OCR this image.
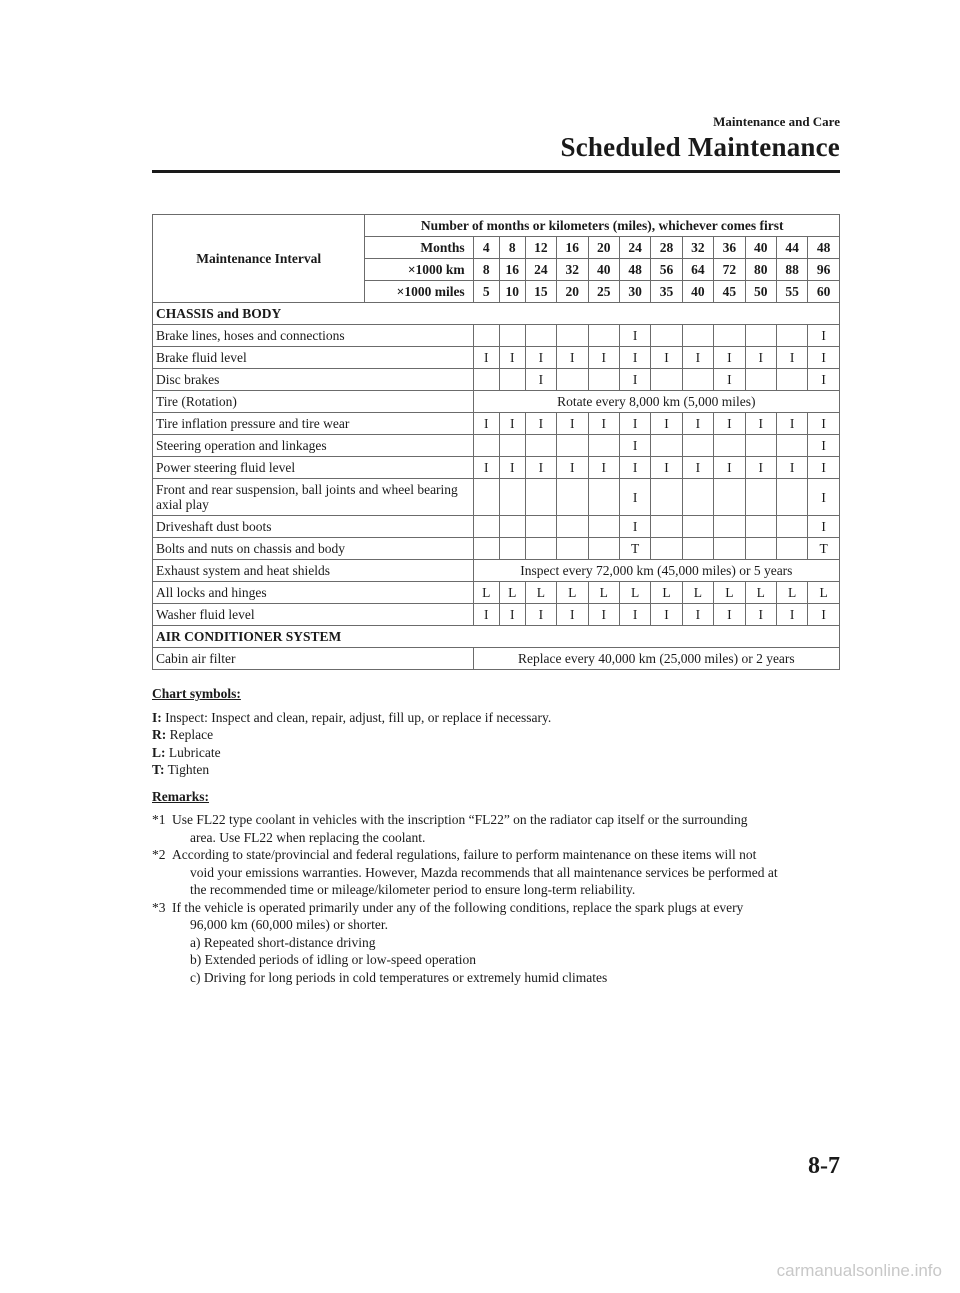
Maintenance and Care
Scheduled Maintenance
Maintenance Interval	Number of months or kilometers (miles), whichever comes first												
	Months	4	8	12	16	20	24	28	32	36	40	44	48
	×1000 km	8	16	24	32	40	48	56	64	72	80	88	96
	×1000 miles	5	10	15	20	25	30	35	40	45	50	55	60
CHASSIS and BODY													
Brake lines, hoses and connections							I						I
Brake fluid level		I	I	I	I	I	I	I	I	I	I	I	I
Disc brakes				I			I			I			I
Tire (Rotation)		Rotate every 8,000 km (5,000 miles)											
Tire inflation pressure and tire wear		I	I	I	I	I	I	I	I	I	I	I	I
Steering operation and linkages							I						I
Power steering fluid level		I	I	I	I	I	I	I	I	I	I	I	I
Front and rear suspension, ball joints and wheel bearing axial play							I						I
Driveshaft dust boots							I						I
Bolts and nuts on chassis and body							T						T
Exhaust system and heat shields		Inspect every 72,000 km (45,000 miles) or 5 years											
All locks and hinges		L	L	L	L	L	L	L	L	L	L	L	L
Washer fluid level		I	I	I	I	I	I	I	I	I	I	I	I
AIR CONDITIONER SYSTEM													
Cabin air filter		Replace every 40,000 km (25,000 miles) or 2 years											

Chart symbols:

I: Inspect: Inspect and clean, repair, adjust, fill up, or replace if necessary.

R: Replace

L: Lubricate

T: Tighten

Remarks:

*1 Use FL22 type coolant in vehicles with the inscription “FL22” on the radiator cap itself or the surrounding
area. Use FL22 when replacing the coolant.
*2 According to state/provincial and federal regulations, failure to perform maintenance on these items will not
void your emissions warranties. However, Mazda recommends that all maintenance services be performed at
the recommended time or mileage/kilometer period to ensure long-term reliability.
*3 If the vehicle is operated primarily under any of the following conditions, replace the spark plugs at every
96,000 km (60,000 miles) or shorter.
a) Repeated short-distance driving
b) Extended periods of idling or low-speed operation
c) Driving for long periods in cold temperatures or extremely humid climates
8-7
carmanualsonline.info
